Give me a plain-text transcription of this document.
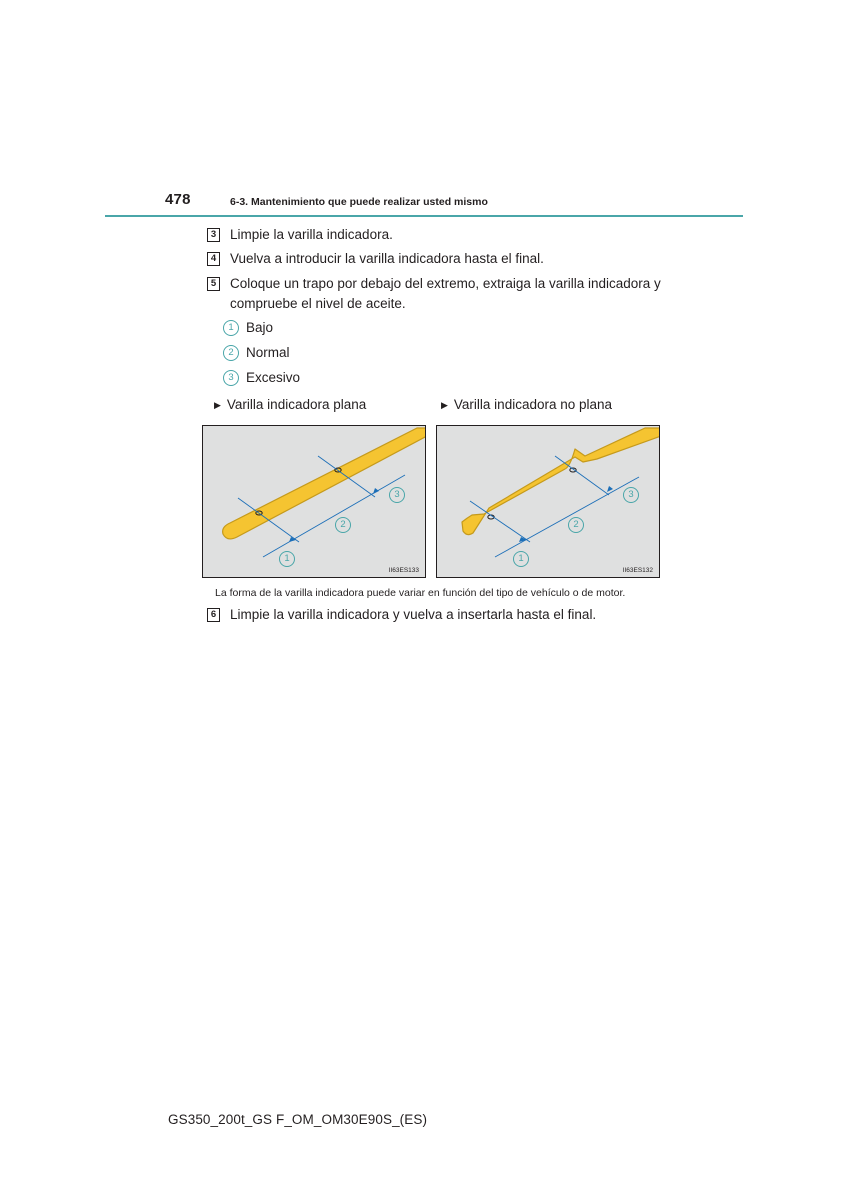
478	6-3. Mantenimiento que puede realizar usted mismo
3 Limpie la varilla indicadora.
4 Vuelva a introducir la varilla indicadora hasta el final.
5 Coloque un trapo por debajo del extremo, extraiga la varilla indicadora y compruebe el nivel de aceite.
1 Bajo
2 Normal
3 Excesivo
▶ Varilla indicadora plana	▶ Varilla indicadora no plana
1
2
3
II63ES133
1
2
3
II63ES132
La forma de la varilla indicadora puede variar en función del tipo de vehículo o de motor.
6 Limpie la varilla indicadora y vuelva a insertarla hasta el final.
GS350_200t_GS F_OM_OM30E90S_(ES)
